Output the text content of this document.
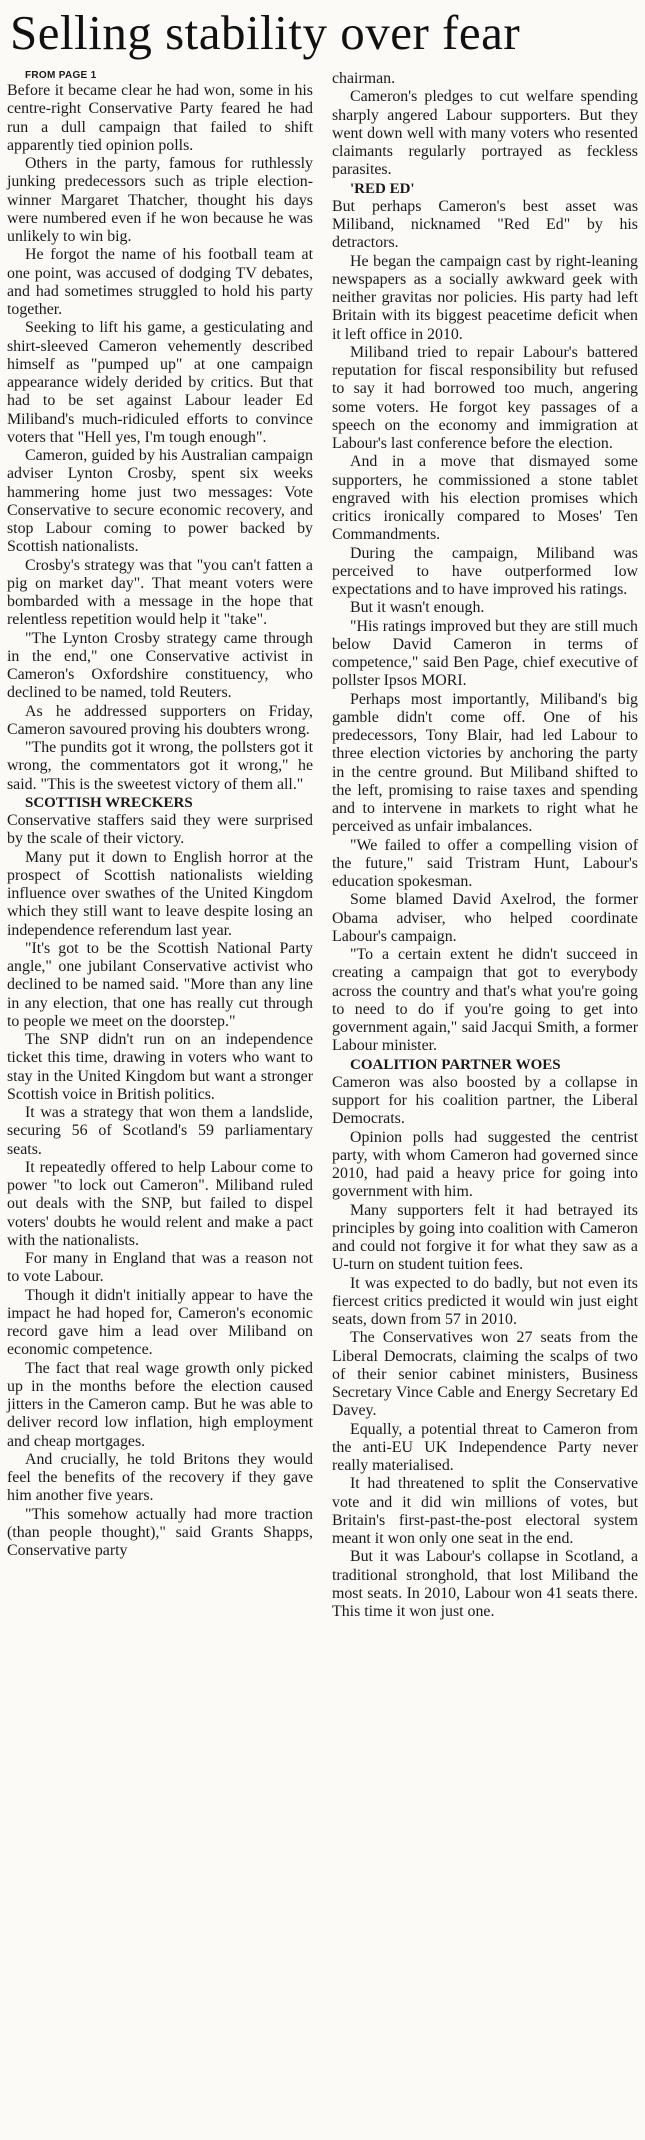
Selling stability over fear

FROM PAGE 1

Before it became clear he had won, some in his centre-right Conservative Party feared he had run a dull campaign that failed to shift apparently tied opinion polls.

Others in the party, famous for ruthlessly junking predecessors such as triple election-winner Margaret Thatcher, thought his days were numbered even if he won because he was unlikely to win big.

He forgot the name of his football team at one point, was accused of dodging TV debates, and had sometimes struggled to hold his party together.

Seeking to lift his game, a gesticulating and shirt-sleeved Cameron vehemently described himself as "pumped up" at one campaign appearance widely derided by critics. But that had to be set against Labour leader Ed Miliband's much-ridiculed efforts to convince voters that "Hell yes, I'm tough enough".

Cameron, guided by his Australian campaign adviser Lynton Crosby, spent six weeks hammering home just two messages: Vote Conservative to secure economic recovery, and stop Labour coming to power backed by Scottish nationalists.

Crosby's strategy was that "you can't fatten a pig on market day". That meant voters were bombarded with a message in the hope that relentless repetition would help it "take".

"The Lynton Crosby strategy came through in the end," one Conservative activist in Cameron's Oxfordshire constituency, who declined to be named, told Reuters.

As he addressed supporters on Friday, Cameron savoured proving his doubters wrong.

"The pundits got it wrong, the pollsters got it wrong, the commentators got it wrong," he said. "This is the sweetest victory of them all."

SCOTTISH WRECKERS

Conservative staffers said they were surprised by the scale of their victory.

Many put it down to English horror at the prospect of Scottish nationalists wielding influence over swathes of the United Kingdom which they still want to leave despite losing an independence referendum last year.

"It's got to be the Scottish National Party angle," one jubilant Conservative activist who declined to be named said. "More than any line in any election, that one has really cut through to people we meet on the doorstep."

The SNP didn't run on an independence ticket this time, drawing in voters who want to stay in the United Kingdom but want a stronger Scottish voice in British politics.

It was a strategy that won them a landslide, securing 56 of Scotland's 59 parliamentary seats.

It repeatedly offered to help Labour come to power "to lock out Cameron". Miliband ruled out deals with the SNP, but failed to dispel voters' doubts he would relent and make a pact with the nationalists.

For many in England that was a reason not to vote Labour.

Though it didn't initially appear to have the impact he had hoped for, Cameron's economic record gave him a lead over Miliband on economic competence.

The fact that real wage growth only picked up in the months before the election caused jitters in the Cameron camp. But he was able to deliver record low inflation, high employment and cheap mortgages.

And crucially, he told Britons they would feel the benefits of the recovery if they gave him another five years.

"This somehow actually had more traction (than people thought)," said Grants Shapps, Conservative party

chairman.

Cameron's pledges to cut welfare spending sharply angered Labour supporters. But they went down well with many voters who resented claimants regularly portrayed as feckless parasites.

'RED ED'

But perhaps Cameron's best asset was Miliband, nicknamed "Red Ed" by his detractors.

He began the campaign cast by right-leaning newspapers as a socially awkward geek with neither gravitas nor policies. His party had left Britain with its biggest peacetime deficit when it left office in 2010.

Miliband tried to repair Labour's battered reputation for fiscal responsibility but refused to say it had borrowed too much, angering some voters. He forgot key passages of a speech on the economy and immigration at Labour's last conference before the election.

And in a move that dismayed some supporters, he commissioned a stone tablet engraved with his election promises which critics ironically compared to Moses' Ten Commandments.

During the campaign, Miliband was perceived to have outperformed low expectations and to have improved his ratings.

But it wasn't enough.

"His ratings improved but they are still much below David Cameron in terms of competence," said Ben Page, chief executive of pollster Ipsos MORI.

Perhaps most importantly, Miliband's big gamble didn't come off. One of his predecessors, Tony Blair, had led Labour to three election victories by anchoring the party in the centre ground. But Miliband shifted to the left, promising to raise taxes and spending and to intervene in markets to right what he perceived as unfair imbalances.

"We failed to offer a compelling vision of the future," said Tristram Hunt, Labour's education spokesman.

Some blamed David Axelrod, the former Obama adviser, who helped coordinate Labour's campaign.

"To a certain extent he didn't succeed in creating a campaign that got to everybody across the country and that's what you're going to need to do if you're going to get into government again," said Jacqui Smith, a former Labour minister.

COALITION PARTNER WOES

Cameron was also boosted by a collapse in support for his coalition partner, the Liberal Democrats.

Opinion polls had suggested the centrist party, with whom Cameron had governed since 2010, had paid a heavy price for going into government with him.

Many supporters felt it had betrayed its principles by going into coalition with Cameron and could not forgive it for what they saw as a U-turn on student tuition fees.

It was expected to do badly, but not even its fiercest critics predicted it would win just eight seats, down from 57 in 2010.

The Conservatives won 27 seats from the Liberal Democrats, claiming the scalps of two of their senior cabinet ministers, Business Secretary Vince Cable and Energy Secretary Ed Davey.

Equally, a potential threat to Cameron from the anti-EU UK Independence Party never really materialised.

It had threatened to split the Conservative vote and it did win millions of votes, but Britain's first-past-the-post electoral system meant it won only one seat in the end.

But it was Labour's collapse in Scotland, a traditional stronghold, that lost Miliband the most seats. In 2010, Labour won 41 seats there. This time it won just one.
